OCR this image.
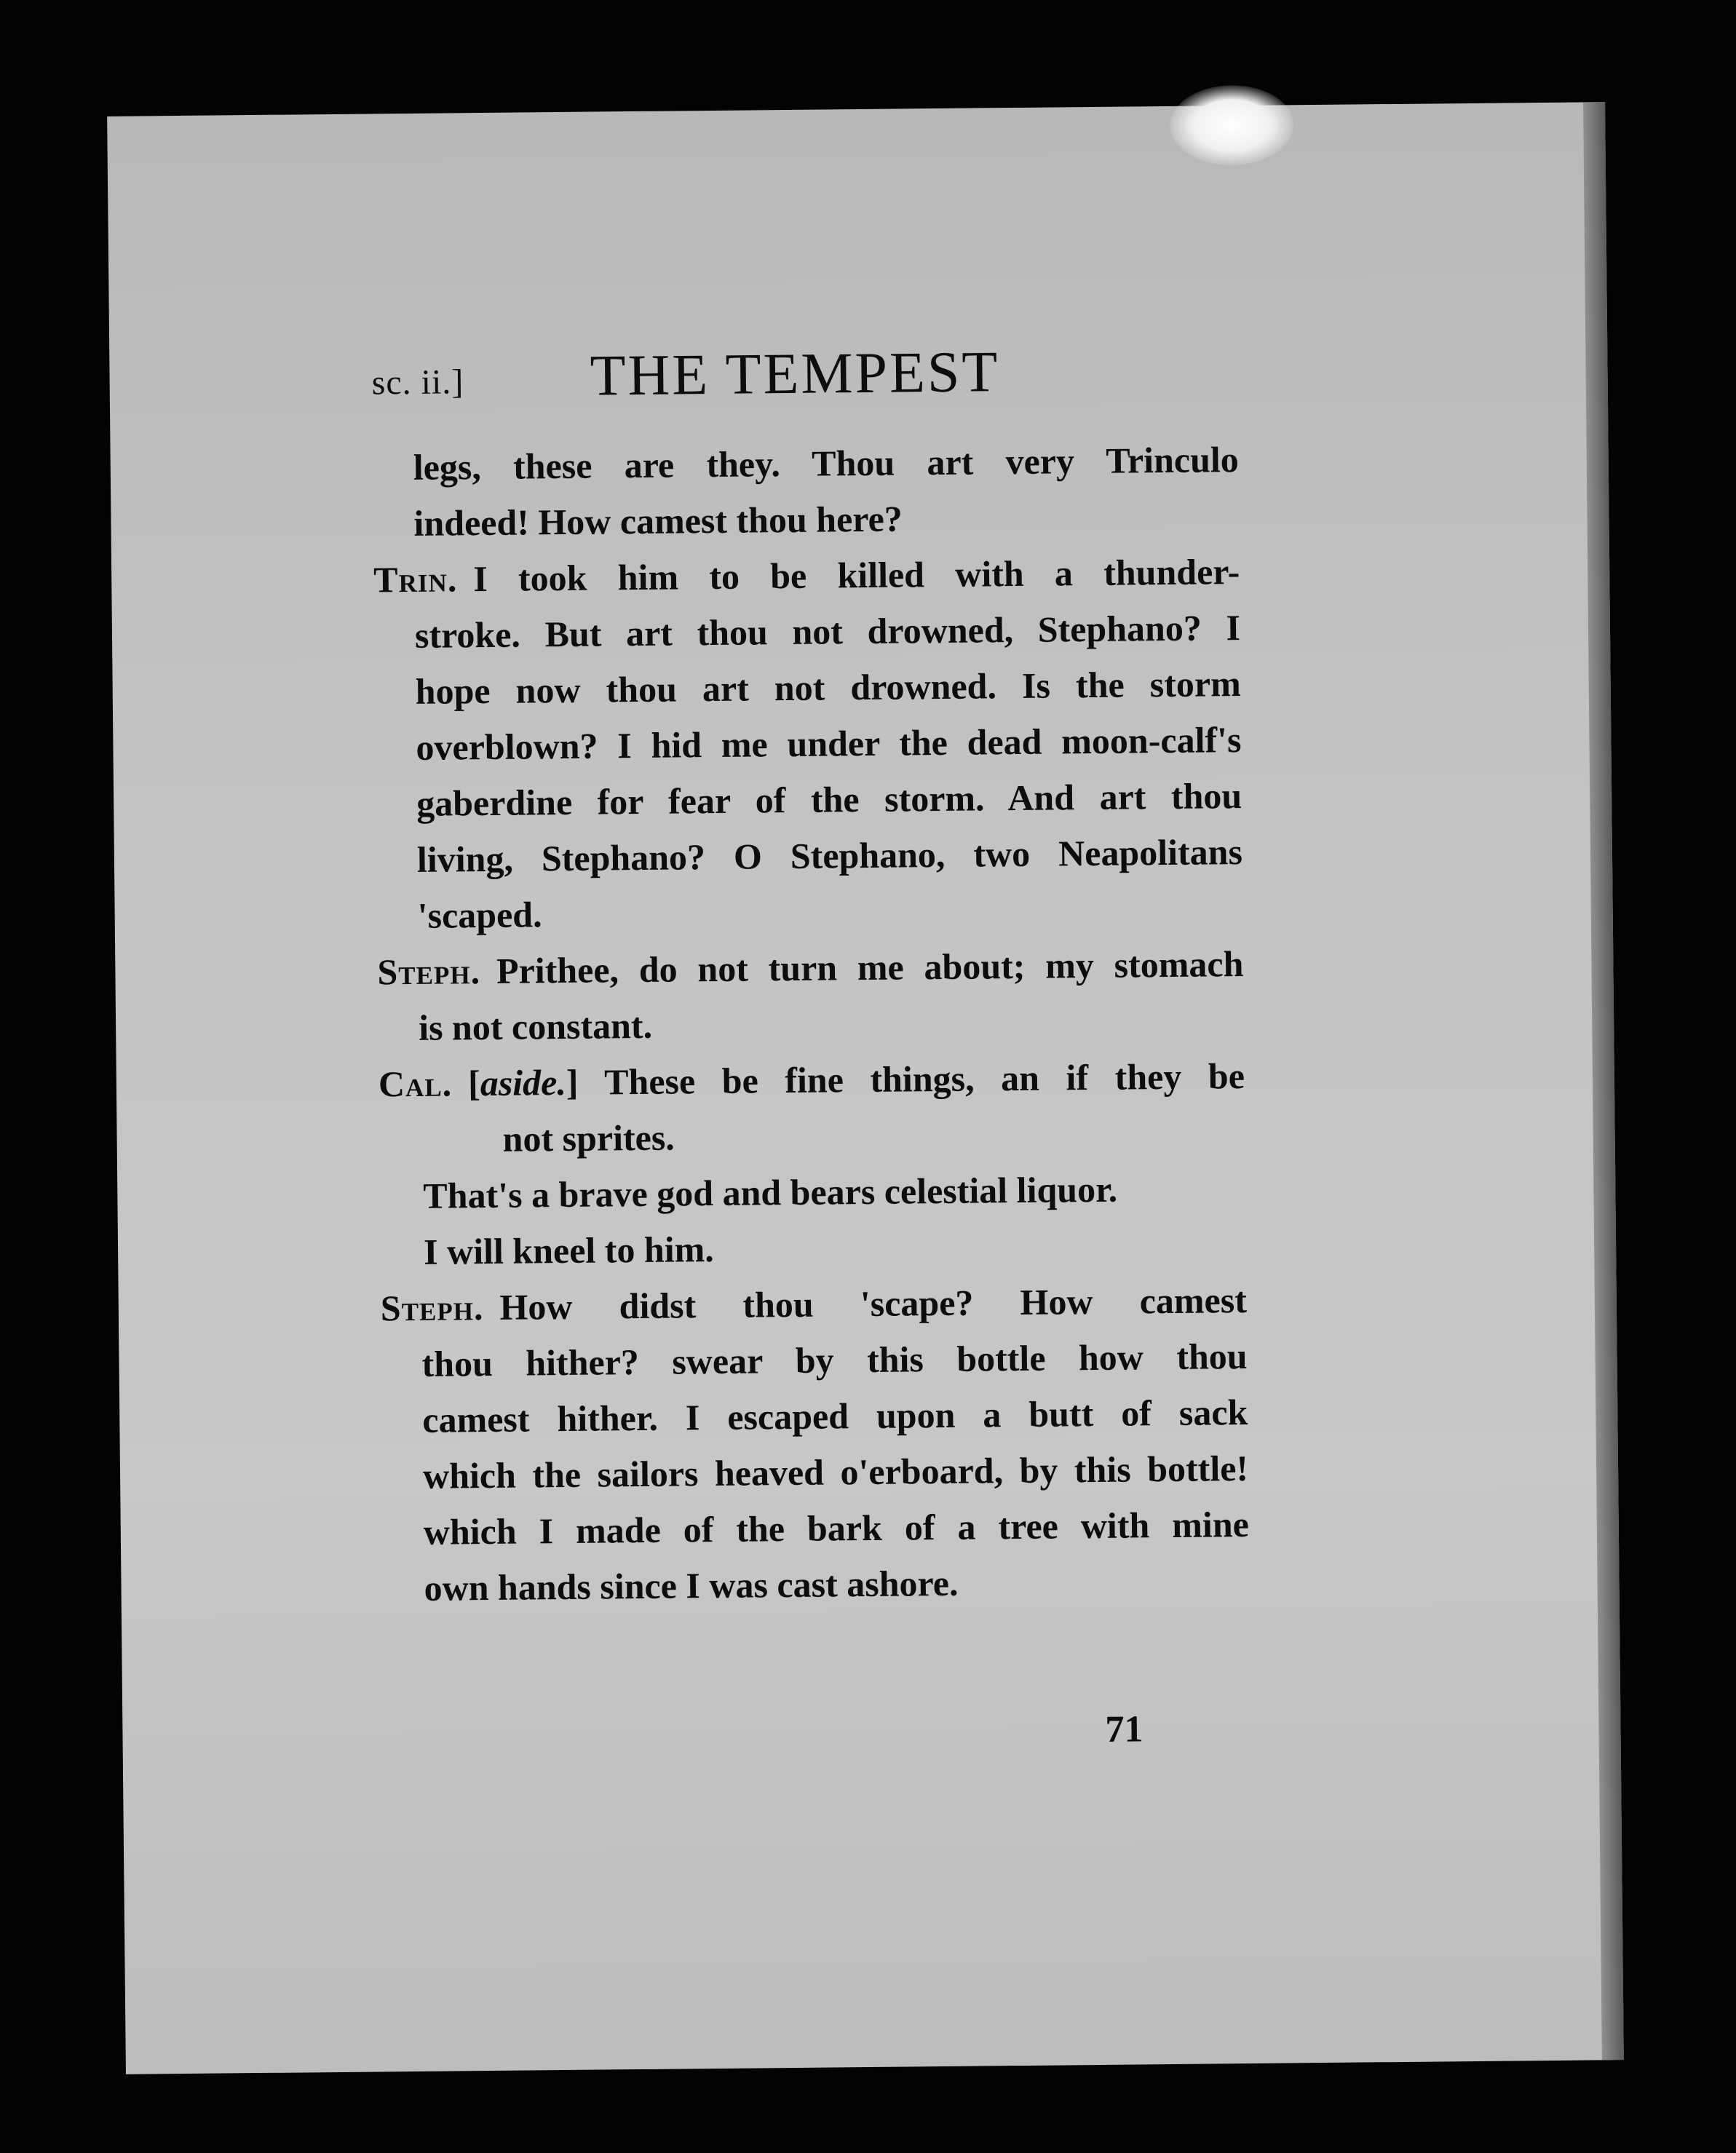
sc. ii.] THE TEMPEST
legs, these are they. Thou art very Trinculo
indeed! How camest thou here?
Trin. I took him to be killed with a thunder-
stroke. But art thou not drowned, Stephano? I
hope now thou art not drowned. Is the storm
overblown? I hid me under the dead moon-calf's
gaberdine for fear of the storm. And art thou
living, Stephano? O Stephano, two Neapolitans
'scaped.
Steph. Prithee, do not turn me about; my stomach
is not constant.
Cal. [aside.] These be fine things, an if they be
not sprites.
That's a brave god and bears celestial liquor.
I will kneel to him.
Steph. How didst thou 'scape? How camest
thou hither? swear by this bottle how thou
camest hither. I escaped upon a butt of sack
which the sailors heaved o'erboard, by this bottle!
which I made of the bark of a tree with mine
own hands since I was cast ashore.
71
